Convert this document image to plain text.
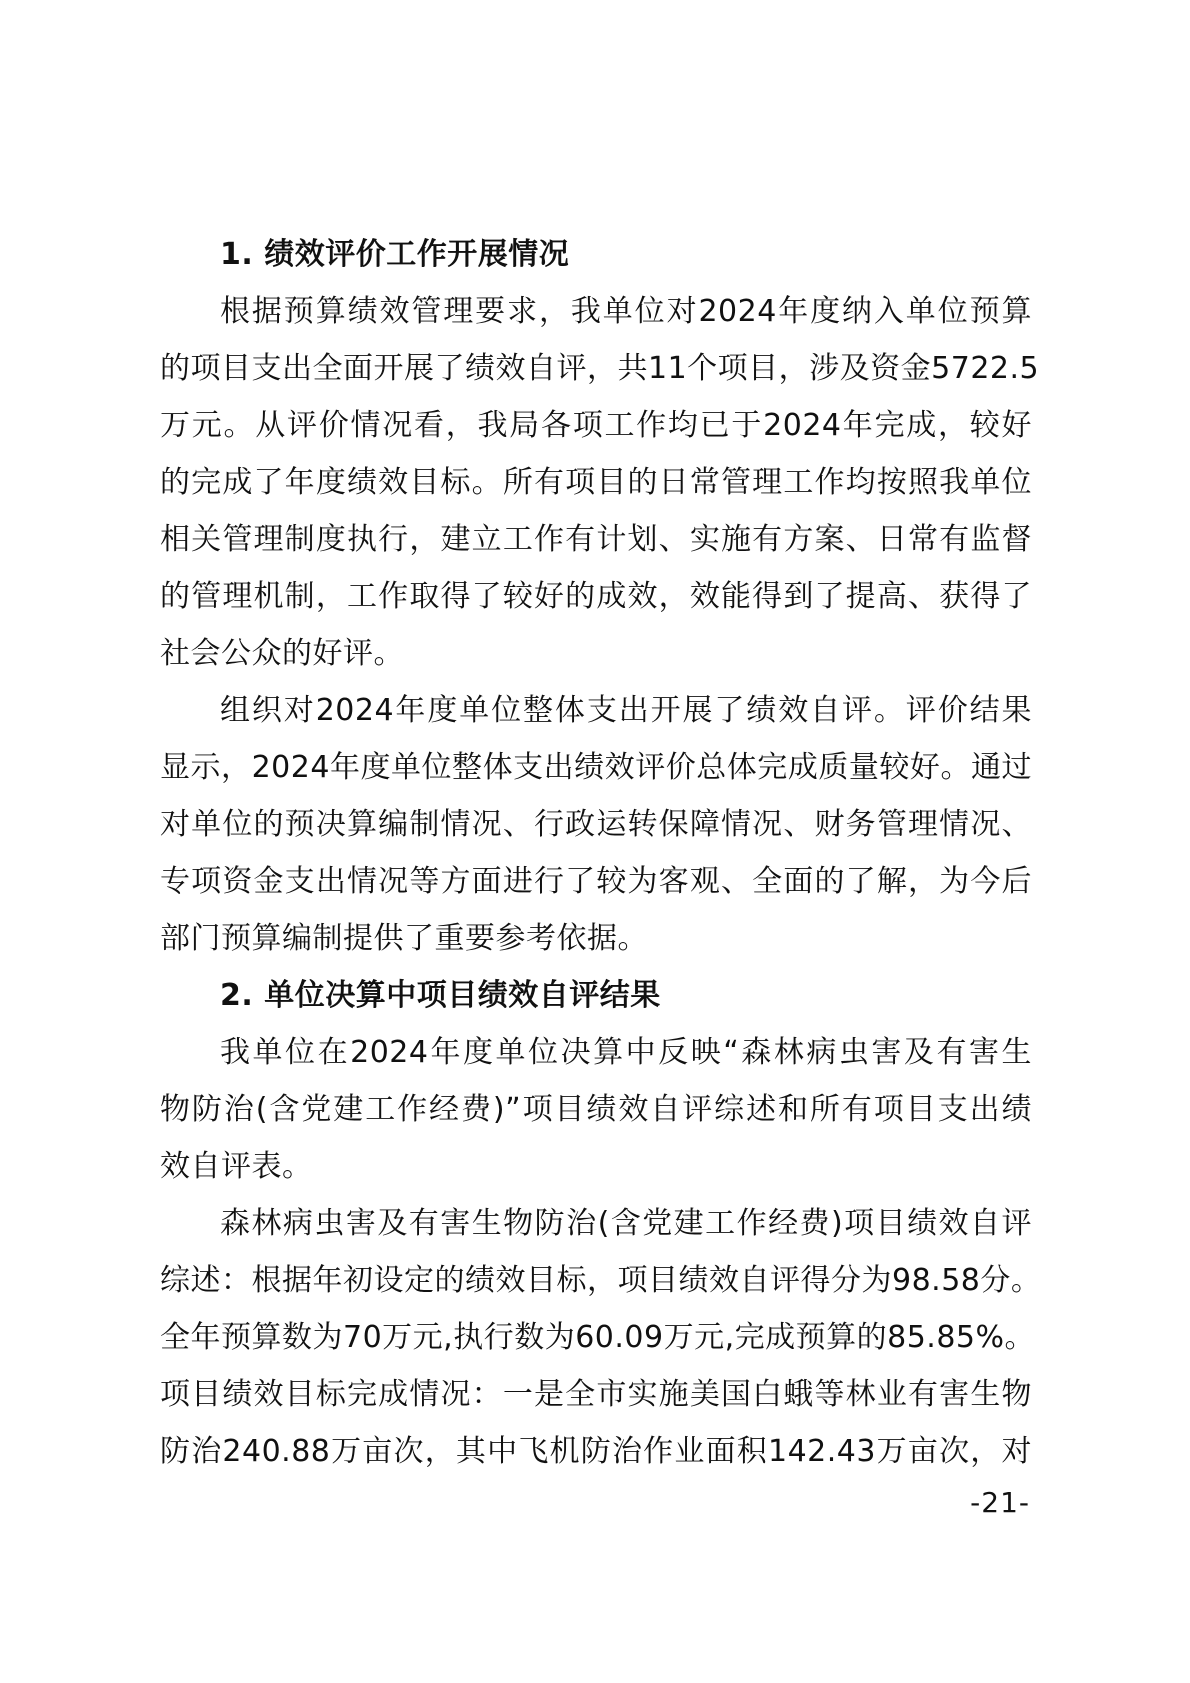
1. 绩效评价工作开展情况
根据预算绩效管理要求，我单位对2024年度纳入单位预算
的项目支出全面开展了绩效自评，共11个项目，涉及资金5722.5
万元。从评价情况看，我局各项工作均已于2024年完成，较好
的完成了年度绩效目标。所有项目的日常管理工作均按照我单位
相关管理制度执行，建立工作有计划、实施有方案、日常有监督
的管理机制，工作取得了较好的成效，效能得到了提高、获得了
社会公众的好评。
组织对2024年度单位整体支出开展了绩效自评。评价结果
显示，2024年度单位整体支出绩效评价总体完成质量较好。通过
对单位的预决算编制情况、行政运转保障情况、财务管理情况、
专项资金支出情况等方面进行了较为客观、全面的了解，为今后
部门预算编制提供了重要参考依据。
2. 单位决算中项目绩效自评结果
我单位在2024年度单位决算中反映“森林病虫害及有害生
物防治(含党建工作经费)”项目绩效自评综述和所有项目支出绩
效自评表。
森林病虫害及有害生物防治(含党建工作经费)项目绩效自评
综述：根据年初设定的绩效目标，项目绩效自评得分为98.58分。
全年预算数为70万元,执行数为60.09万元,完成预算的85.85%。
项目绩效目标完成情况：一是全市实施美国白蛾等林业有害生物
防治240.88万亩次，其中飞机防治作业面积142.43万亩次，对
-21-
